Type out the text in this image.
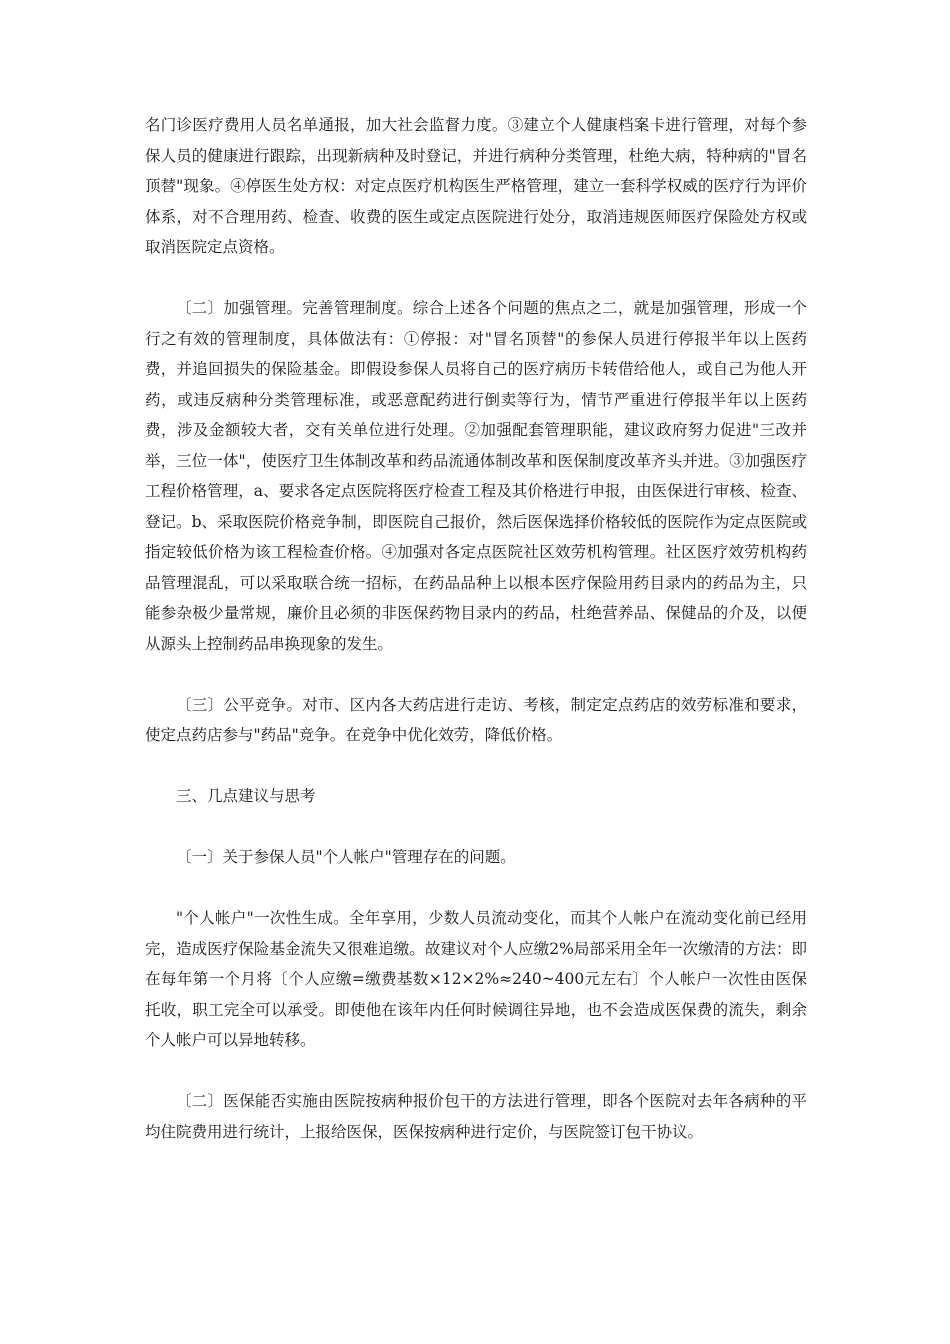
名门诊医疗费用人员名单通报，加大社会监督力度。③建立个人健康档案卡进行管理，对每个参保人员的健康进行跟踪，出现新病种及时登记，并进行病种分类管理，杜绝大病，特种病的"冒名顶替"现象。④停医生处方权：对定点医疗机构医生严格管理，建立一套科学权威的医疗行为评价体系，对不合理用药、检查、收费的医生或定点医院进行处分，取消违规医师医疗保险处方权或取消医院定点资格。

〔二〕加强管理。完善管理制度。综合上述各个问题的焦点之二，就是加强管理，形成一个行之有效的管理制度，具体做法有：①停报：对"冒名顶替"的参保人员进行停报半年以上医药费，并追回损失的保险基金。即假设参保人员将自己的医疗病历卡转借给他人，或自己为他人开药，或违反病种分类管理标准，或恶意配药进行倒卖等行为，情节严重进行停报半年以上医药费，涉及金额较大者，交有关单位进行处理。②加强配套管理职能，建议政府努力促进"三改并举，三位一体"，使医疗卫生体制改革和药品流通体制改革和医保制度改革齐头并进。③加强医疗工程价格管理，a、要求各定点医院将医疗检查工程及其价格进行申报，由医保进行审核、检查、登记。b、采取医院价格竞争制，即医院自己报价，然后医保选择价格较低的医院作为定点医院或指定较低价格为该工程检查价格。④加强对各定点医院社区效劳机构管理。社区医疗效劳机构药品管理混乱，可以采取联合统一招标，在药品品种上以根本医疗保险用药目录内的药品为主，只能参杂极少量常规，廉价且必须的非医保药物目录内的药品，杜绝营养品、保健品的介及，以便从源头上控制药品串换现象的发生。

〔三〕公平竞争。对市、区内各大药店进行走访、考核，制定定点药店的效劳标准和要求，使定点药店参与"药品"竞争。在竞争中优化效劳，降低价格。

三、几点建议与思考

〔一〕关于参保人员"个人帐户"管理存在的问题。

"个人帐户"一次性生成。全年享用，少数人员流动变化，而其个人帐户在流动变化前已经用完，造成医疗保险基金流失又很难追缴。故建议对个人应缴2%局部采用全年一次缴清的方法：即在每年第一个月将〔个人应缴=缴费基数×12×2%≈240~400元左右〕个人帐户一次性由医保托收，职工完全可以承受。即使他在该年内任何时候调往异地，也不会造成医保费的流失，剩余个人帐户可以异地转移。

〔二〕医保能否实施由医院按病种报价包干的方法进行管理，即各个医院对去年各病种的平均住院费用进行统计，上报给医保，医保按病种进行定价，与医院签订包干协议。
